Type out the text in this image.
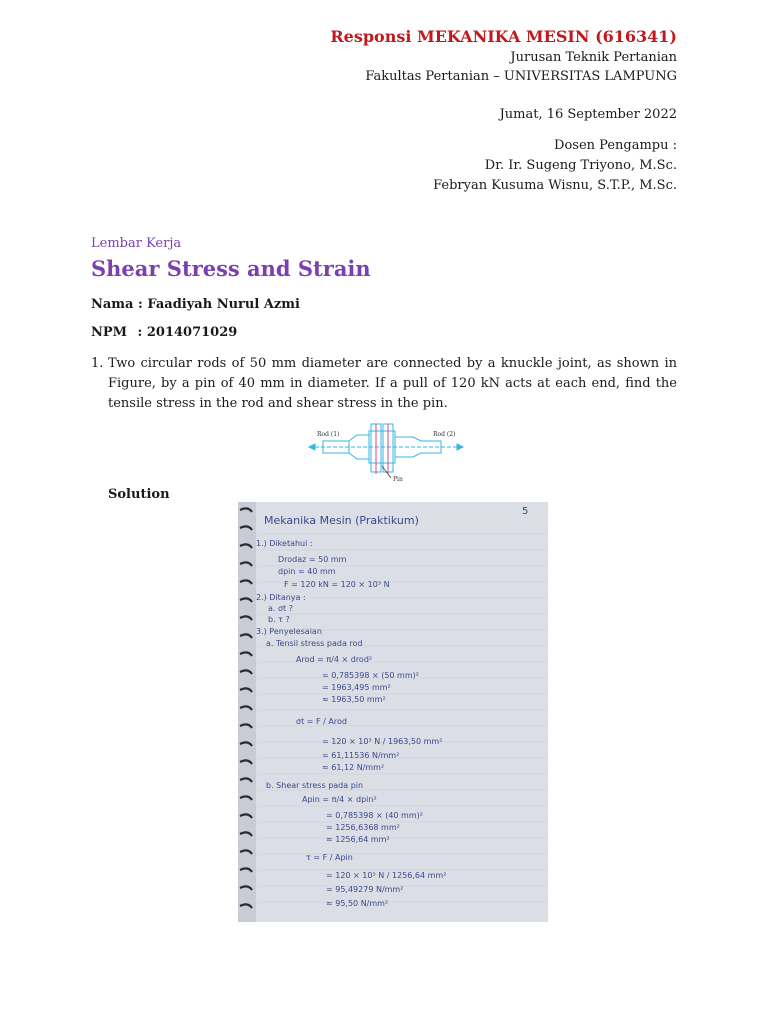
Responsi MEKANIKA MESIN (616341)
Jurusan Teknik Pertanian
Fakultas Pertanian – UNIVERSITAS LAMPUNG
Jumat, 16 September 2022
Dosen Pengampu :
Dr. Ir. Sugeng Triyono, M.Sc.
Febryan Kusuma Wisnu, S.T.P., M.Sc.
Lembar Kerja
Shear Stress and Strain
Nama : Faadiyah Nurul Azmi
NPM : 2014071029
1. Two circular rods of 50 mm diameter are connected by a knuckle joint, as shown in Figure, by a pin of 40 mm in diameter. If a pull of 120 kN acts at each end, find the tensile stress in the rod and shear stress in the pin.
Rod (1)	Rod (2)
Pin
Solution
Mekanika Mesin (Praktikum)
5
1.) Diketahui :
Drodaz = 50 mm
dpin = 40 mm
F = 120 kN = 120 × 10³ N
2.) Ditanya :
a. σt ?
b. τ ?
3.) Penyelesaian
a. Tensil stress pada rod
Arod = π/4 × drod²
= 0,785398 × (50 mm)²
= 1963,495 mm²
≈ 1963,50 mm²
σt = F / Arod
= 120 × 10³ N / 1963,50 mm²
= 61,11536 N/mm²
≈ 61,12 N/mm²
b. Shear stress pada pin
Apin = π/4 × dpin²
= 0,785398 × (40 mm)²
= 1256,6368 mm²
≈ 1256,64 mm²
τ = F / Apin
= 120 × 10³ N / 1256,64 mm²
= 95,49279 N/mm²
≈ 95,50 N/mm²
